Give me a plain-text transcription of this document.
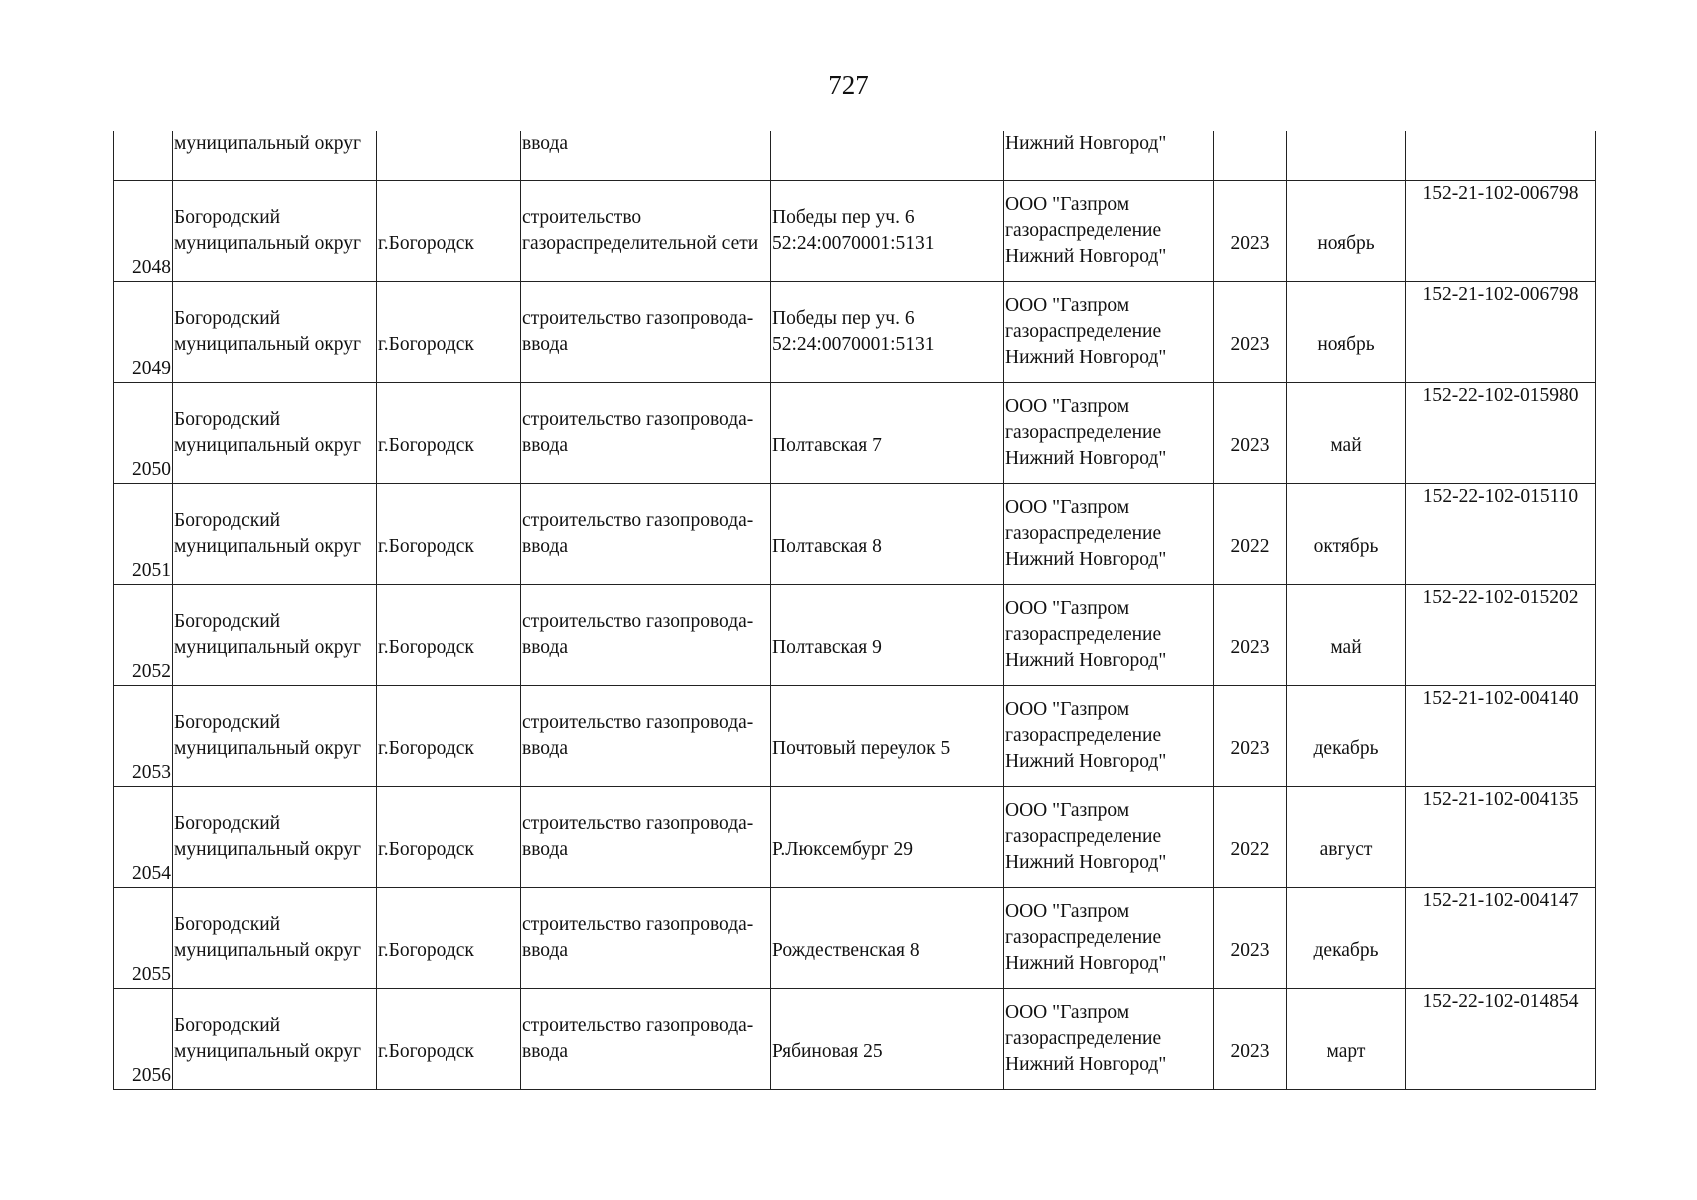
727

	муниципальный округ		ввода		Нижний Новгород"			

2048	Богородский
муниципальный округ	г.Богородск	строительство
газораспределительной сети	Победы пер уч. 6
52:24:0070001:5131	ООО "Газпром
газораспределение
Нижний Новгород"	2023	ноябрь	152-21-102-006798
2049	Богородский
муниципальный округ	г.Богородск	строительство газопровода-
ввода	Победы пер уч. 6
52:24:0070001:5131	ООО "Газпром
газораспределение
Нижний Новгород"	2023	ноябрь	152-21-102-006798
2050	Богородский
муниципальный округ	г.Богородск	строительство газопровода-
ввода	Полтавская 7	ООО "Газпром
газораспределение
Нижний Новгород"	2023	май	152-22-102-015980
2051	Богородский
муниципальный округ	г.Богородск	строительство газопровода-
ввода	Полтавская 8	ООО "Газпром
газораспределение
Нижний Новгород"	2022	октябрь	152-22-102-015110
2052	Богородский
муниципальный округ	г.Богородск	строительство газопровода-
ввода	Полтавская 9	ООО "Газпром
газораспределение
Нижний Новгород"	2023	май	152-22-102-015202
2053	Богородский
муниципальный округ	г.Богородск	строительство газопровода-
ввода	Почтовый переулок 5	ООО "Газпром
газораспределение
Нижний Новгород"	2023	декабрь	152-21-102-004140
2054	Богородский
муниципальный округ	г.Богородск	строительство газопровода-
ввода	Р.Люксембург 29	ООО "Газпром
газораспределение
Нижний Новгород"	2022	август	152-21-102-004135
2055	Богородский
муниципальный округ	г.Богородск	строительство газопровода-
ввода	Рождественская 8	ООО "Газпром
газораспределение
Нижний Новгород"	2023	декабрь	152-21-102-004147
2056	Богородский
муниципальный округ	г.Богородск	строительство газопровода-
ввода	Рябиновая 25	ООО "Газпром
газораспределение
Нижний Новгород"	2023	март	152-22-102-014854
